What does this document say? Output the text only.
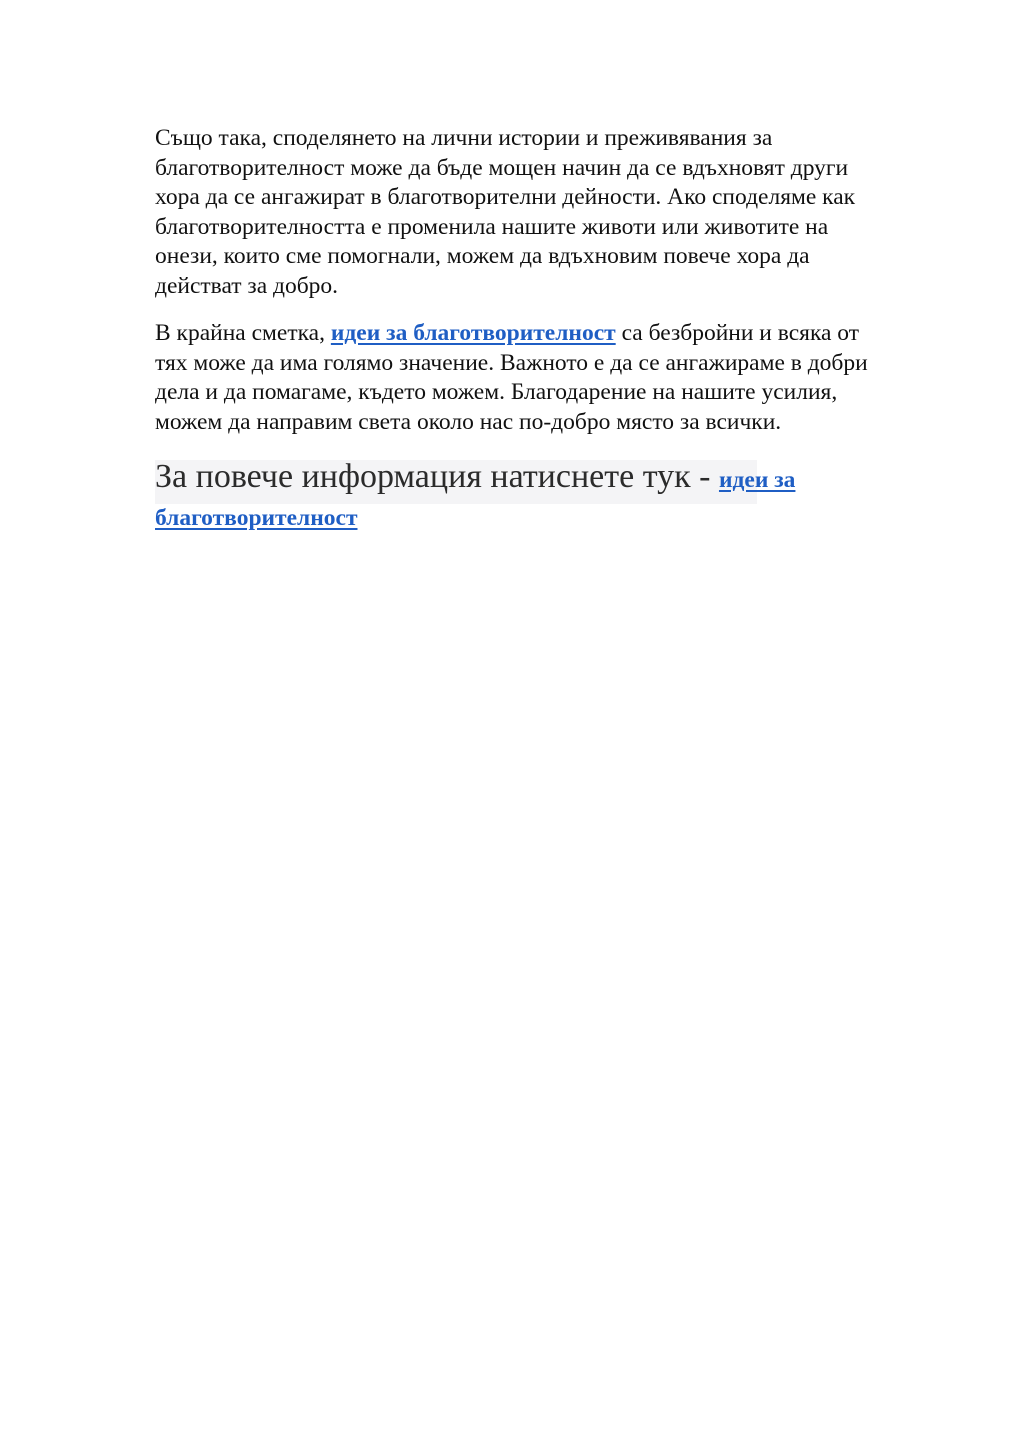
Също така, споделянето на лични истории и преживявания за благотворителност може да бъде мощен начин да се вдъхновят други хора да се ангажират в благотворителни дейности. Ако споделяме как благотворителността е променила нашите животи или животите на онези, които сме помогнали, можем да вдъхновим повече хора да действат за добро.

В крайна сметка, идеи за благотворителност са безбройни и всяка от тях може да има голямо значение. Важното е да се ангажираме в добри дела и да помагаме, където можем. Благодарение на нашите усилия, можем да направим света около нас по-добро място за всички.

За повече информация натиснете тук - идеи за благотворителност
